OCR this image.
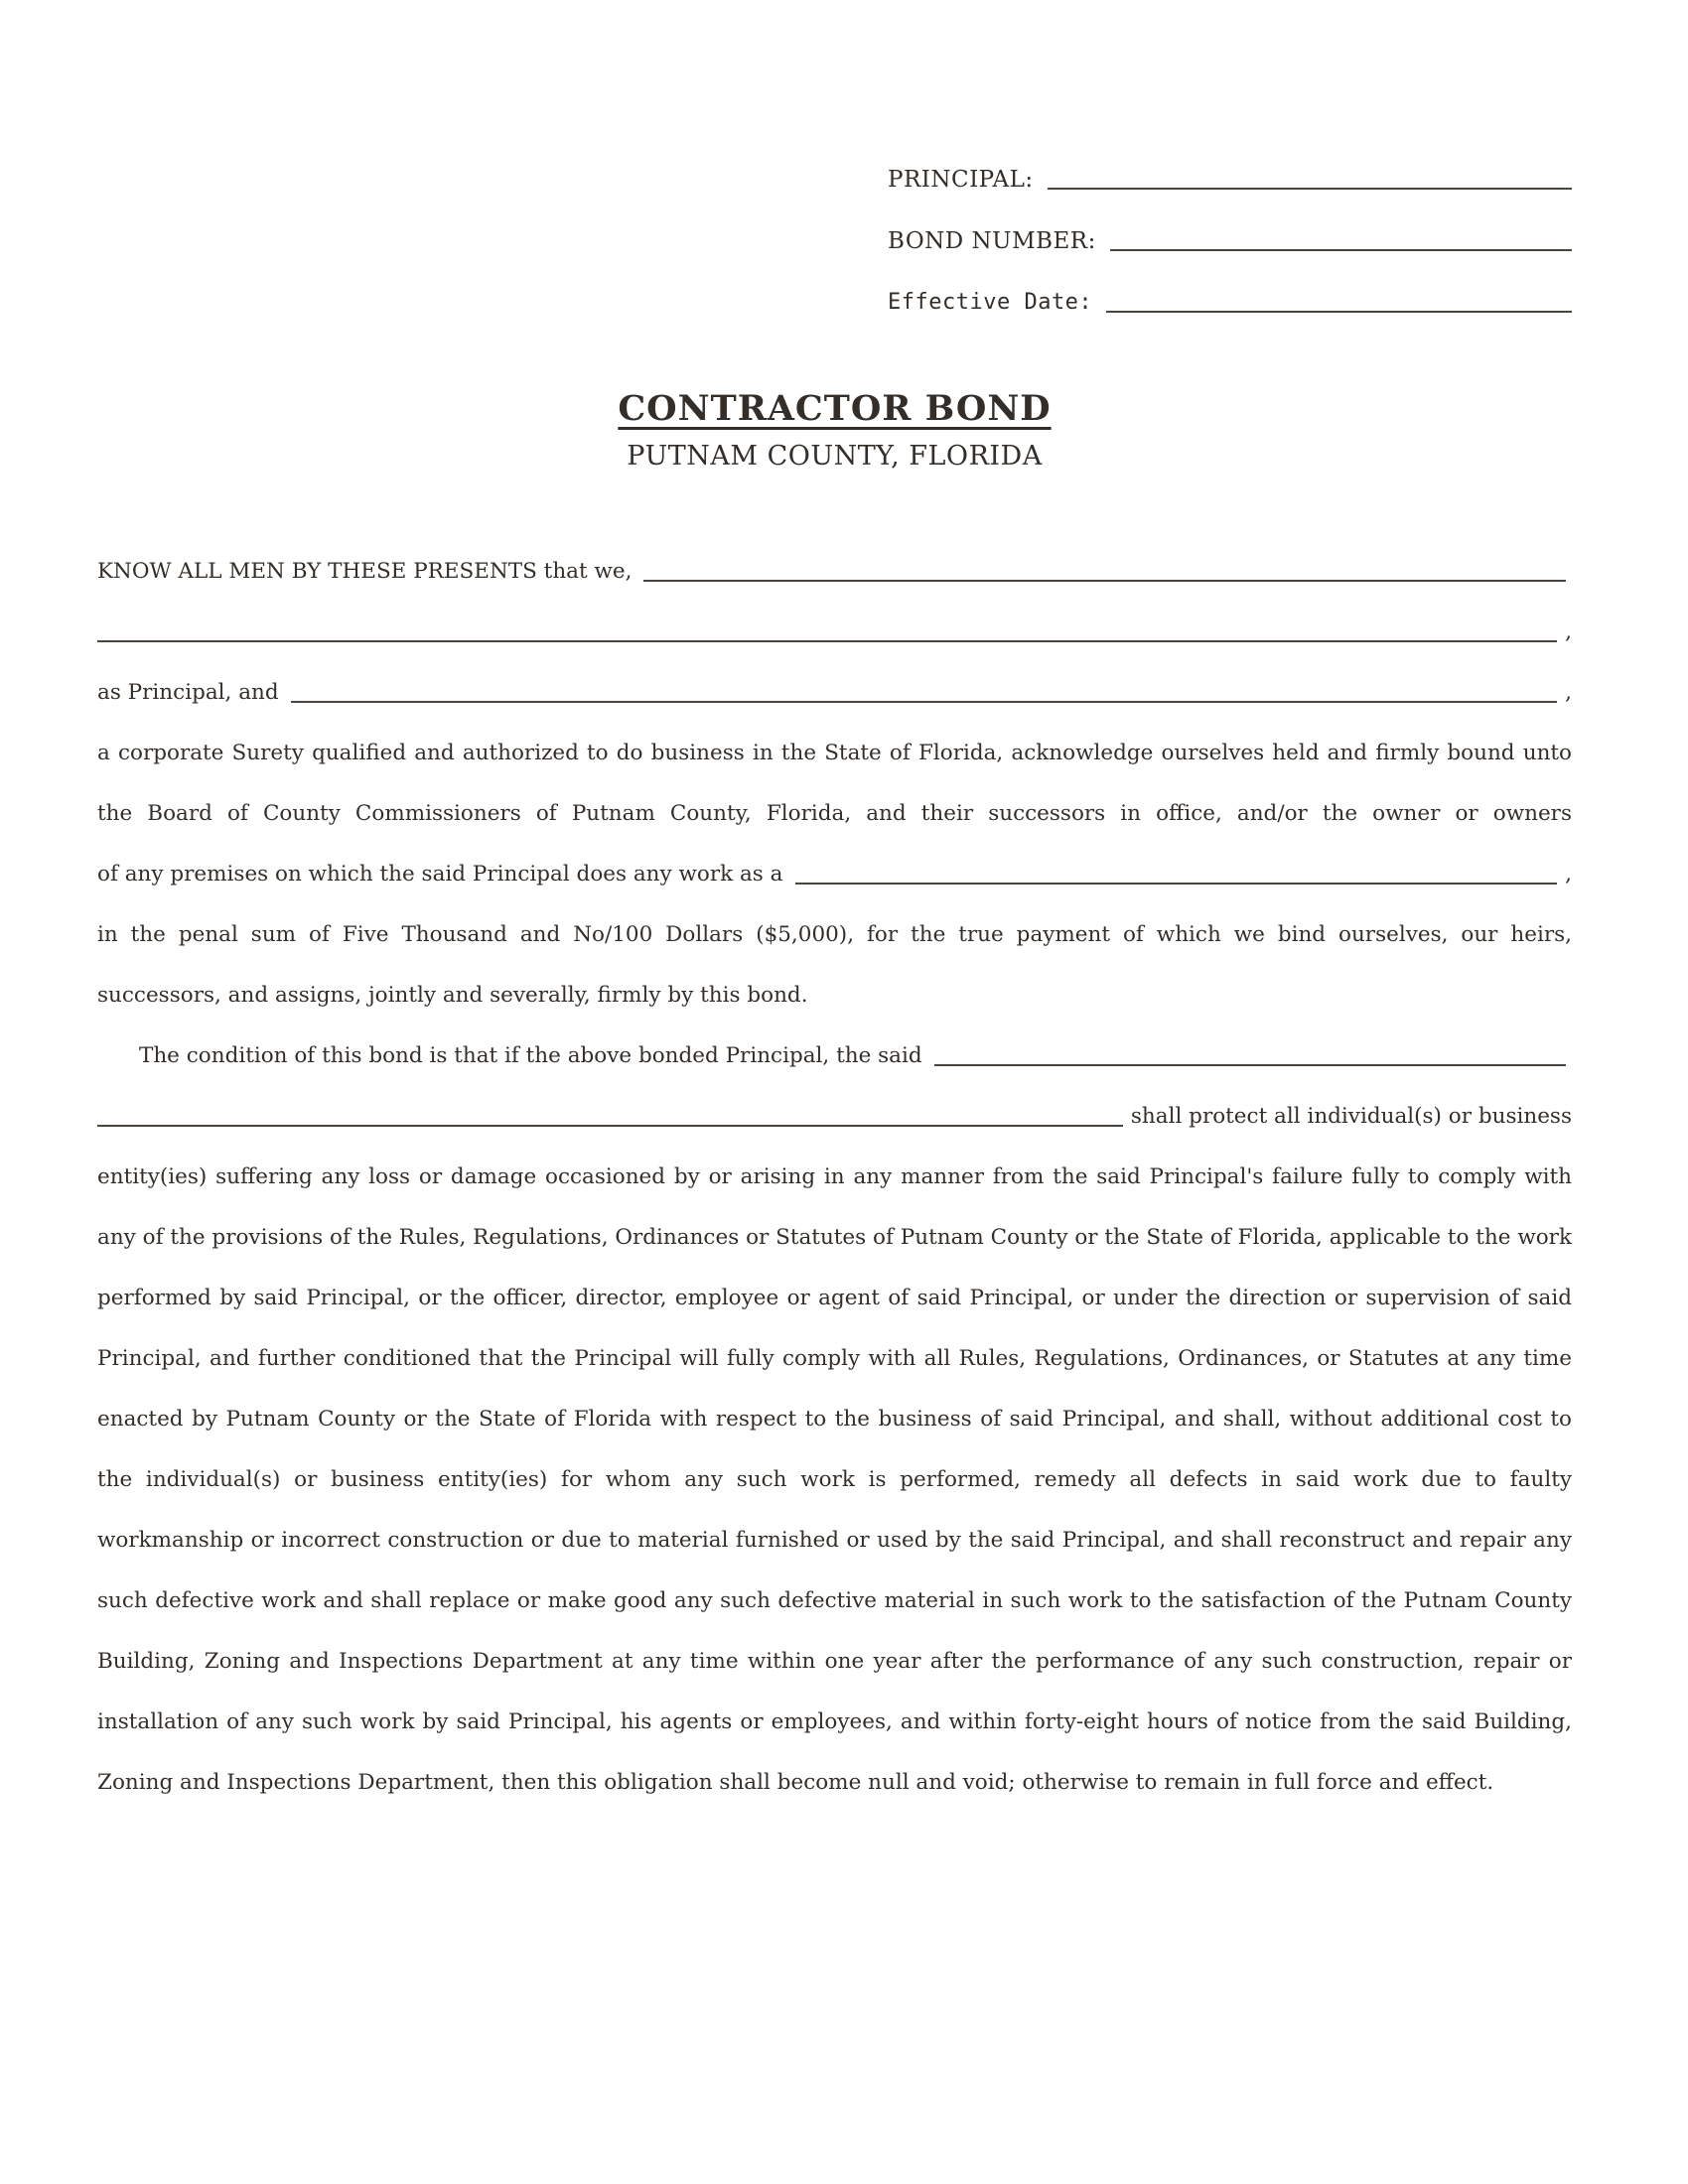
PRINCIPAL:
BOND NUMBER:
Effective Date:
CONTRACTOR BOND
PUTNAM COUNTY, FLORIDA
KNOW ALL MEN BY THESE PRESENTS that we,
,
as Principal, and	,

a corporate Surety qualified and authorized to do business in the State of Florida, acknowledge ourselves held and firmly bound unto the Board of County Commissioners of Putnam County, Florida, and their successors in office, and/or the owner or owners

of any premises on which the said Principal does any work as a	,

in the penal sum of Five Thousand and No/100 Dollars ($5,000), for the true payment of which we bind ourselves, our heirs, successors, and assigns, jointly and severally, firmly by this bond.

The condition of this bond is that if the above bonded Principal, the said
shall protect all individual(s) or business

entity(ies) suffering any loss or damage occasioned by or arising in any manner from the said Principal's failure fully to comply with any of the provisions of the Rules, Regulations, Ordinances or Statutes of Putnam County or the State of Florida, applicable to the work performed by said Principal, or the officer, director, employee or agent of said Principal, or under the direction or supervision of said Principal, and further conditioned that the Principal will fully comply with all Rules, Regulations, Ordinances, or Statutes at any time enacted by Putnam County or the State of Florida with respect to the business of said Principal, and shall, without additional cost to the individual(s) or business entity(ies) for whom any such work is performed, remedy all defects in said work due to faulty workmanship or incorrect construction or due to material furnished or used by the said Principal, and shall reconstruct and repair any such defective work and shall replace or make good any such defective material in such work to the satisfaction of the Putnam County Building, Zoning and Inspections Department at any time within one year after the performance of any such construction, repair or installation of any such work by said Principal, his agents or employees, and within forty-eight hours of notice from the said Building, Zoning and Inspections Department, then this obligation shall become null and void; otherwise to remain in full force and effect.
